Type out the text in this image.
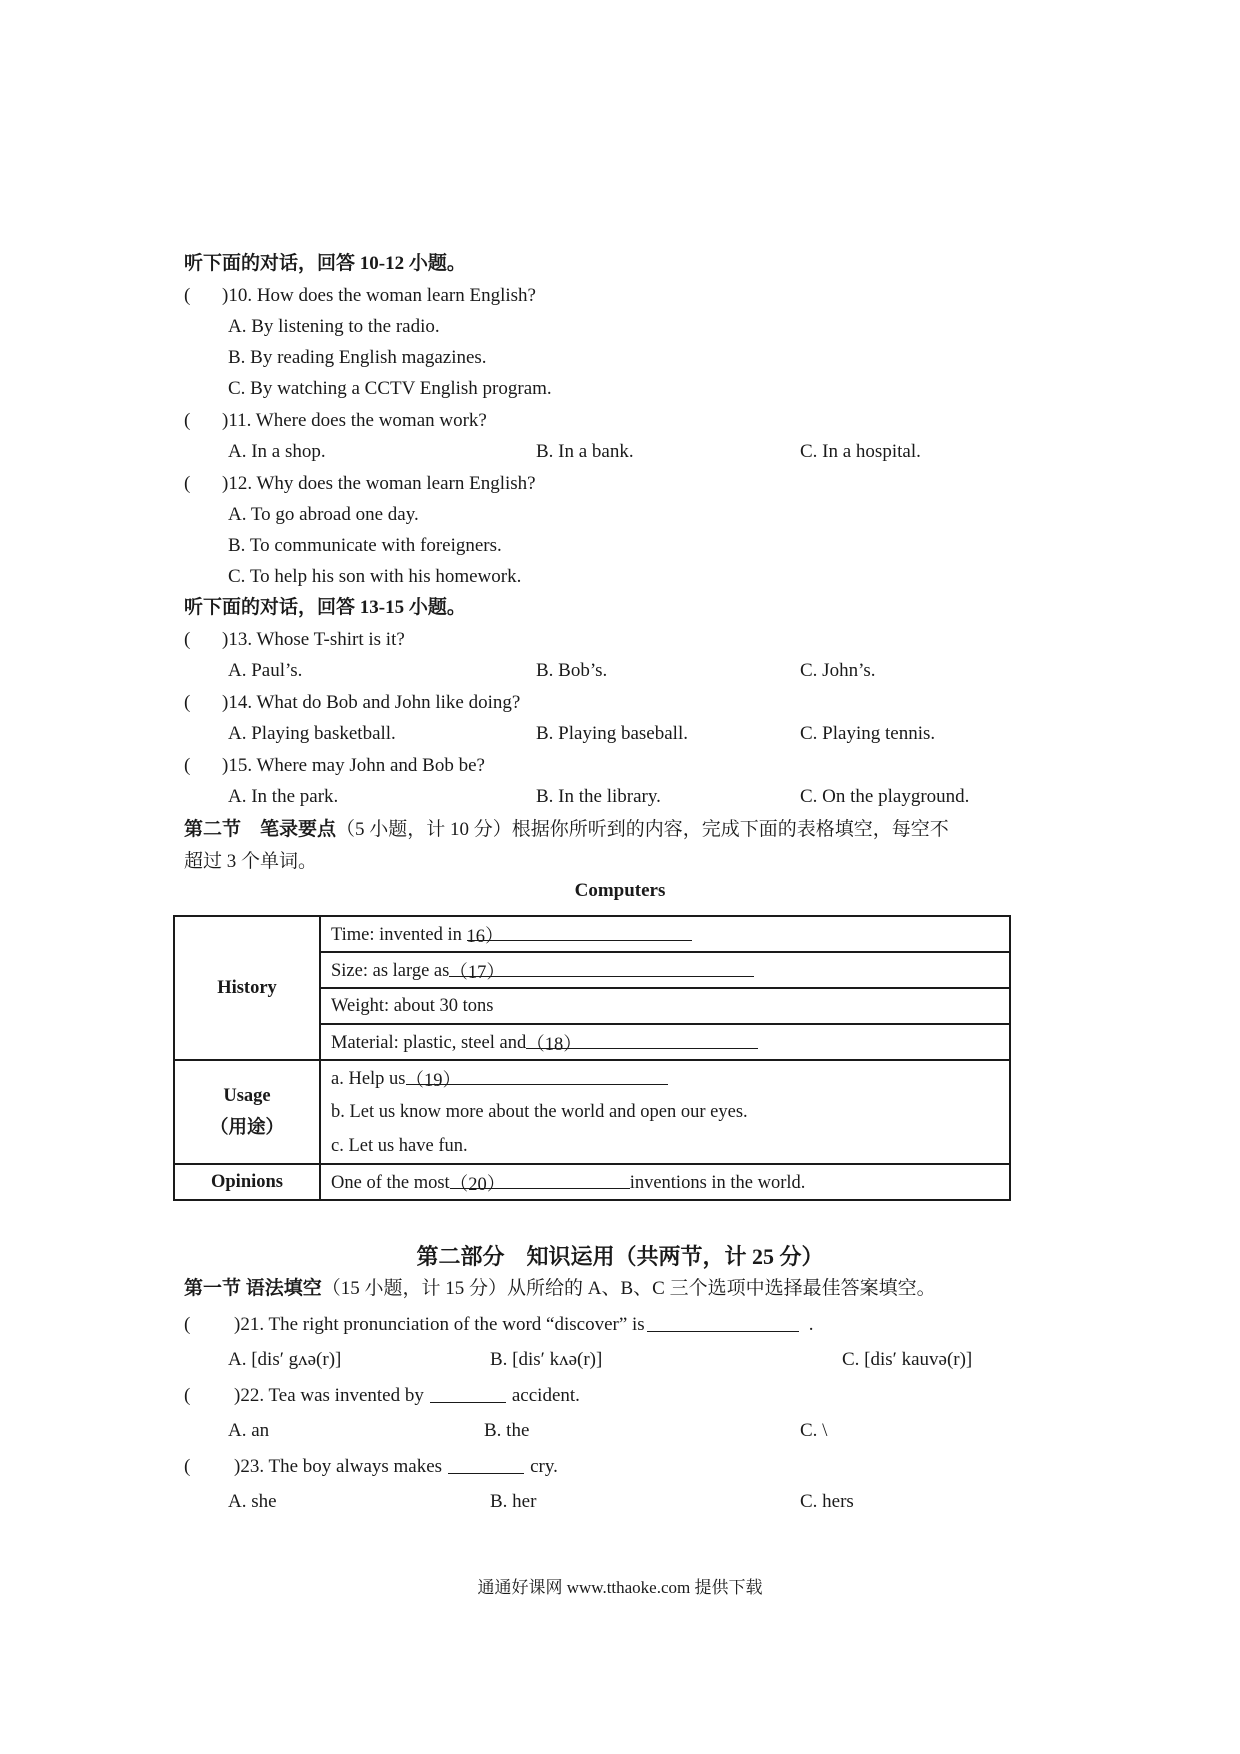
听下面的对话，回答 10-12 小题。
( )10. How does the woman learn English?
A. By listening to the radio.
B. By reading English magazines.
C. By watching a CCTV English program.
( )11. Where does the woman work?
A. In a shop.	B. In a bank.	C. In a hospital.
( )12. Why does the woman learn English?
A. To go abroad one day.
B. To communicate with foreigners.
C. To help his son with his homework.
听下面的对话，回答 13-15 小题。
( )13. Whose T-shirt is it?
A. Paul’s.	B. Bob’s.	C. John’s.
( )14. What do Bob and John like doing?
A. Playing basketball.	B. Playing baseball.	C. Playing tennis.
( )15. Where may John and Bob be?
A. In the park.	B. In the library.	C. On the playground.
第二节　笔录要点（5 小题，计 10 分）根据你所听到的内容，完成下面的表格填空，每空不
超过 3 个单词。
Computers
History	Time: invented in 16）
	Size: as large as（17）
	Weight: about 30 tons
	Material: plastic, steel and（18）

Usage
（用途）	a. Help us（19）
	b. Let us know more about the world and open our eyes.
	c. Let us have fun.
Opinions	One of the most（20） inventions in the world.
第二部分　知识运用（共两节，计 25 分）
第一节 语法填空（15 小题，计 15 分）从所给的 A、B、C 三个选项中选择最佳答案填空。
( )21. The right pronunciation of the word “discover” is	.
A. [dis′ gʌə(r)]	B. [dis′ kʌə(r)]	C. [dis′ kauvə(r)]
( )22. Tea was invented by	accident.
A. an	B. the	C. \
( )23. The boy always makes	cry.
A. she	B. her	C. hers
通通好课网 www.tthaoke.com 提供下载
